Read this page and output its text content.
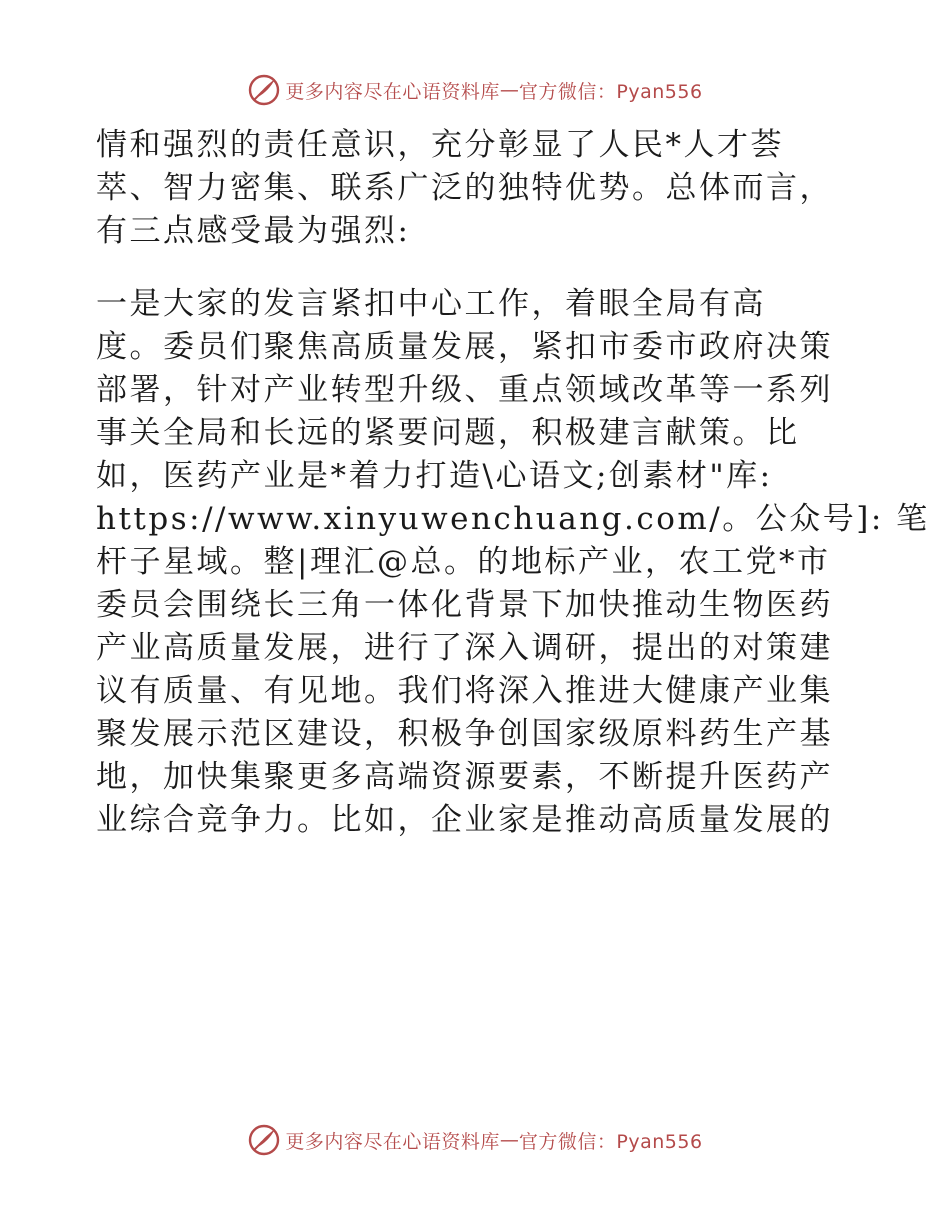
更多内容尽在心语资料库 — 官方微信：Pyan556
情和强烈的责任意识，充分彰显了人民*人才荟
萃、智力密集、联系广泛的独特优势。总体而言，
有三点感受最为强烈:
一是大家的发言紧扣中心工作，着眼全局有高
度。委员们聚焦高质量发展，紧扣市委市政府决策
部署，针对产业转型升级、重点领域改革等一系列
事关全局和长远的紧要问题，积极建言献策。比
如，医药产业是*着力打造\心语文;创素材"库:
https://www.xinyuwenchuang.com/。公众号]: 笔
杆子星域。整|理汇@总。的地标产业，农工党*市
委员会围绕长三角一体化背景下加快推动生物医药
产业高质量发展，进行了深入调研，提出的对策建
议有质量、有见地。我们将深入推进大健康产业集
聚发展示范区建设，积极争创国家级原料药生产基
地，加快集聚更多高端资源要素，不断提升医药产
业综合竞争力。比如，企业家是推动高质量发展的
更多内容尽在心语资料库 — 官方微信：Pyan556
